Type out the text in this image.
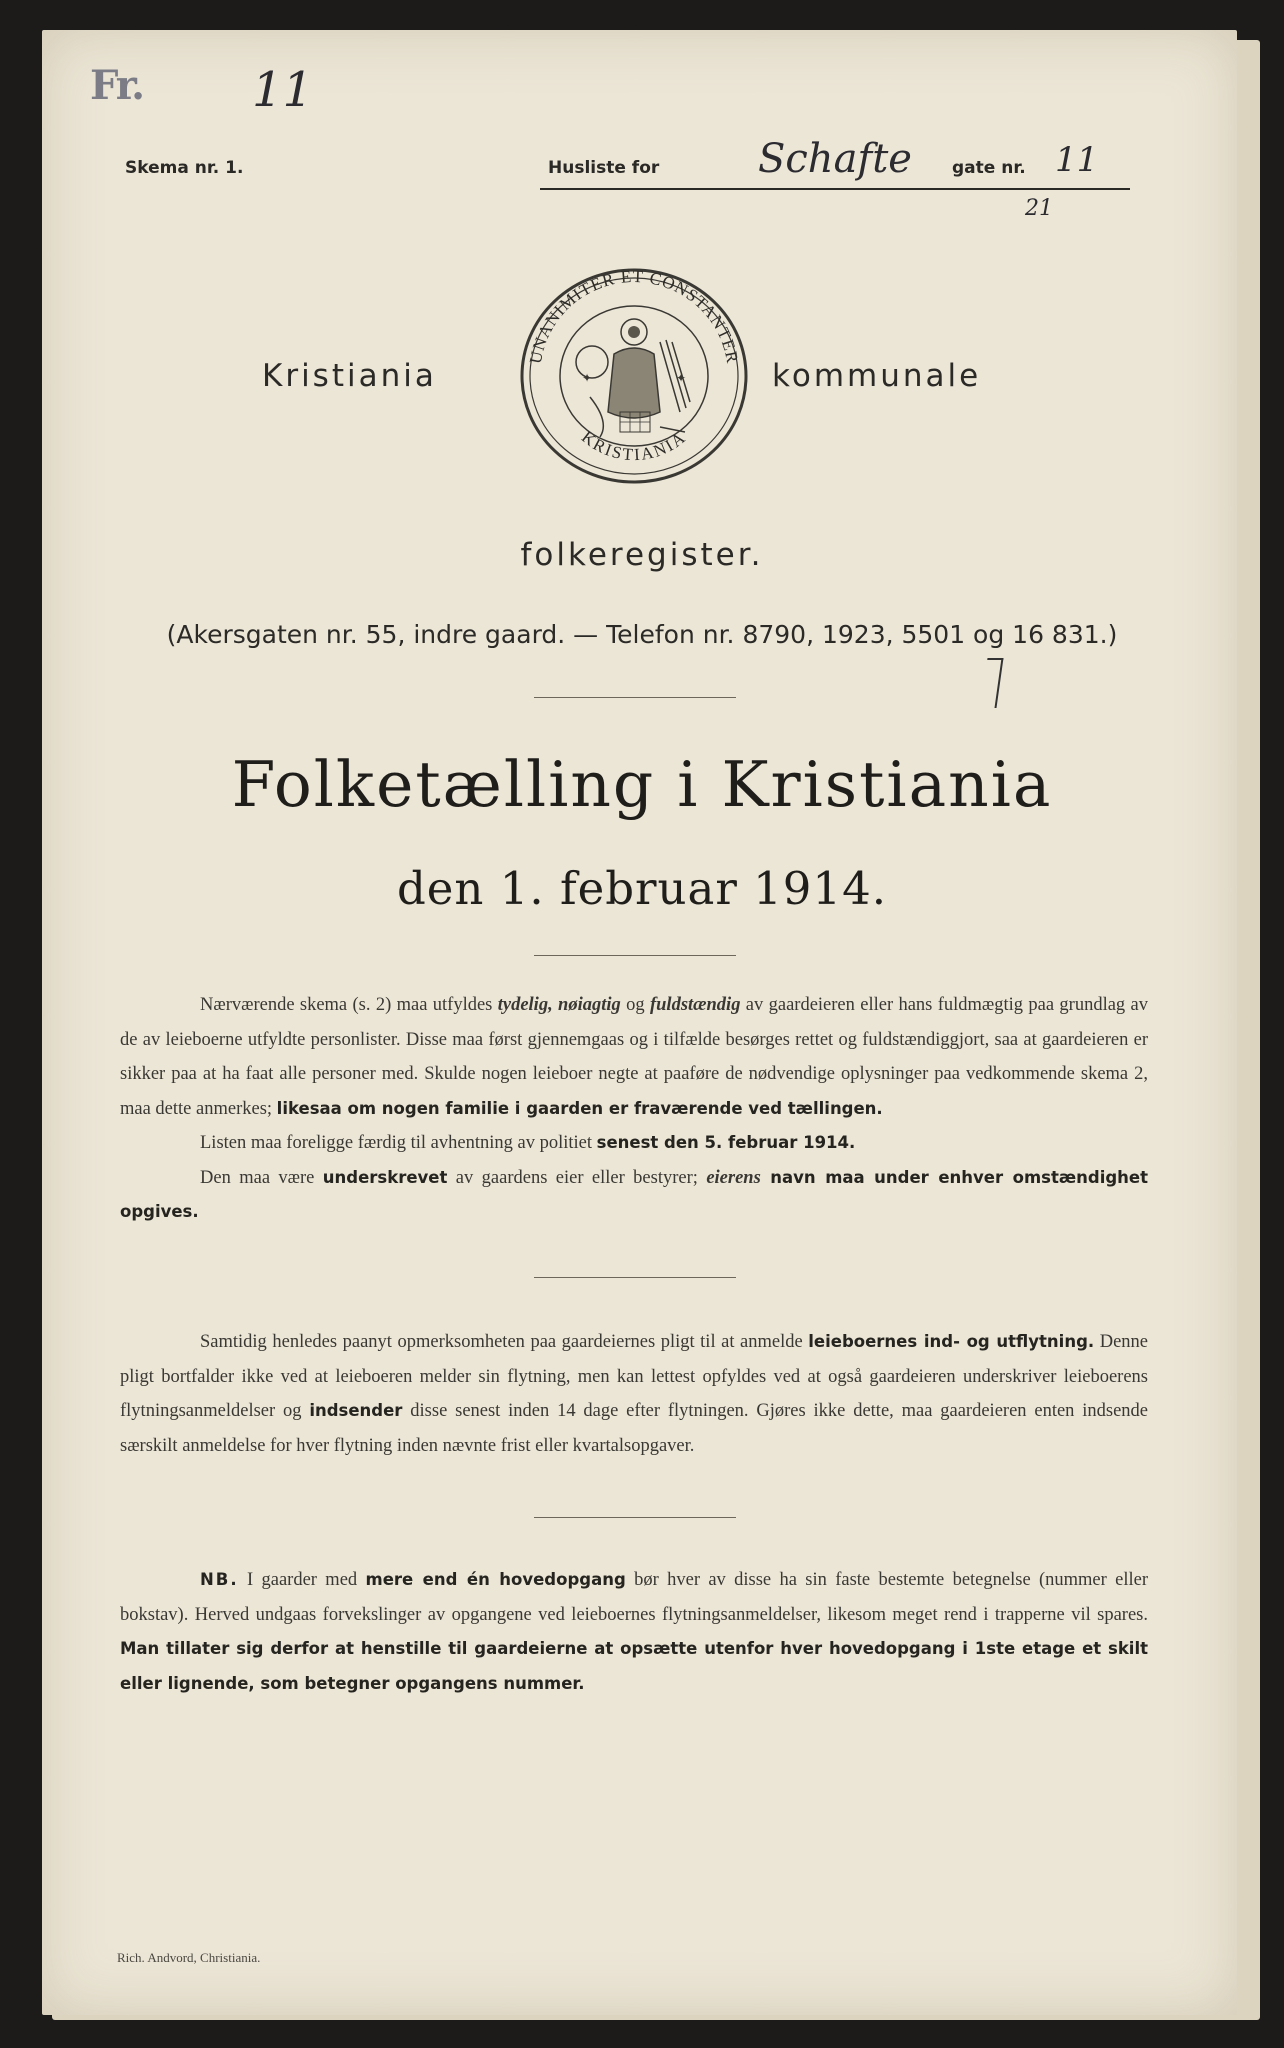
Fr. 11
Skema nr. 1.	Husliste for	gate nr.
Schafte	11
21
Kristiania	kommunale
UNANIMITER ET CONSTANTER
KRISTIANIA
✦	✦
folkeregister.
(Akersgaten nr. 55, indre gaard. — Telefon nr. 8790, 1923, 5501 og 16 831.)
Folketælling i Kristiania
den 1. februar 1914.

Nærværende skema (s. 2) maa utfyldes tydelig, nøiagtig og fuldstændig av gaardeieren eller hans fuldmægtig paa grundlag av de av leieboerne utfyldte personlister. Disse maa først gjennemgaas og i tilfælde besørges rettet og fuldstændiggjort, saa at gaardeieren er sikker paa at ha faat alle personer med. Skulde nogen leieboer negte at paaføre de nødvendige oplysninger paa vedkommende skema 2, maa dette anmerkes; likesaa om nogen familie i gaarden er fraværende ved tællingen.

Listen maa foreligge færdig til avhentning av politiet senest den 5. februar 1914.

Den maa være underskrevet av gaardens eier eller bestyrer; eierens navn maa under enhver omstændighet opgives.

Samtidig henledes paanyt opmerksomheten paa gaardeiernes pligt til at anmelde leieboernes ind- og utflytning. Denne pligt bortfalder ikke ved at leieboeren melder sin flytning, men kan lettest opfyldes ved at også gaardeieren underskriver leieboerens flytningsanmeldelser og indsender disse senest inden 14 dage efter flytningen. Gjøres ikke dette, maa gaardeieren enten indsende særskilt anmeldelse for hver flytning inden nævnte frist eller kvartalsopgaver.

NB. I gaarder med mere end én hovedopgang bør hver av disse ha sin faste bestemte betegnelse (nummer eller bokstav). Herved undgaas forvekslinger av opgangene ved leieboernes flytningsanmeldelser, likesom meget rend i trapperne vil spares. Man tillater sig derfor at henstille til gaardeierne at opsætte utenfor hver hovedopgang i 1ste etage et skilt eller lignende, som betegner opgangens nummer.

Rich. Andvord, Christiania.
